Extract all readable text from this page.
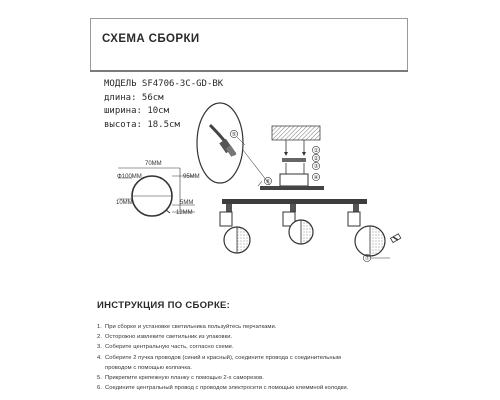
СХЕМА СБОРКИ
МОДЕЛЬ SF4706-3C-GD-BK
длина: 56см
ширина: 10см
высота: 18.5см
Φ100MM
70MM
95MM
10MM	5MM
12MM
⑤
①
②
③
④
⑥
⑦
ИНСТРУКЦИЯ ПО СБОРКЕ:
1. При сборке и установке светильника пользуйтесь перчатками.
2. Осторожно извлеките светильник из упаковки.
3. Соберите центральную часть, согласно схеме.
4. Соберите 2 пучка проводов (синий и красный), соедините провода с соединительным
проводом с помощью колпачка.
5. Прикрепите крепежную планку с помощью 2-х саморезов.
6. Соедините центральный провод с проводом электросети с помощью клеммной колодки.
